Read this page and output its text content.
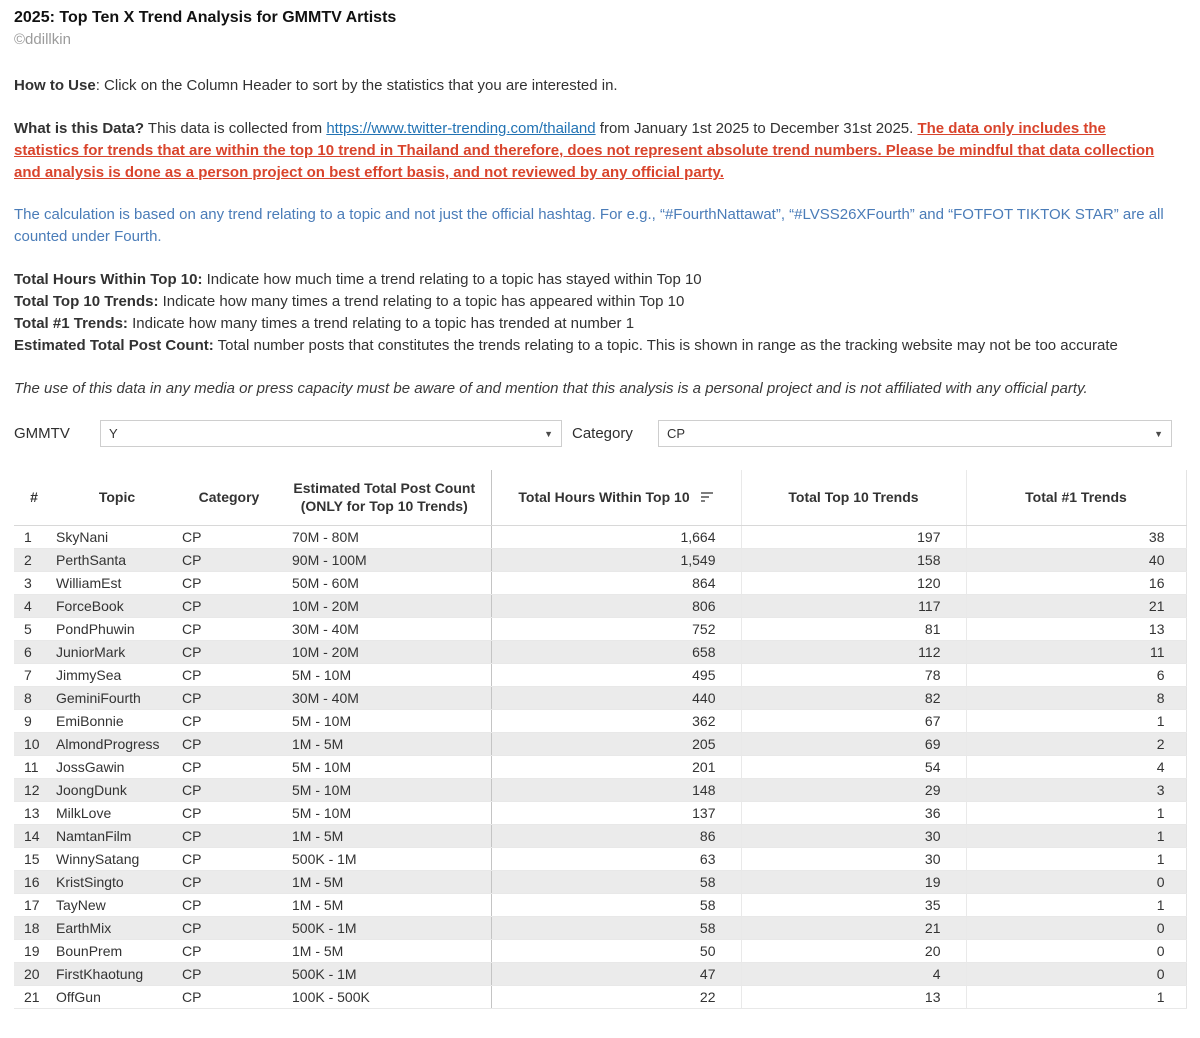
2025: Top Ten X Trend Analysis for GMMTV Artists
©ddillkin
How to Use: Click on the Column Header to sort by the statistics that you are interested in.
What is this Data? This data is collected from https://www.twitter-trending.com/thailand from January 1st 2025 to December 31st 2025. The data only includes the statistics for trends that are within the top 10 trend in Thailand and therefore, does not represent absolute trend numbers. Please be mindful that data collection and analysis is done as a person project on best effort basis, and not reviewed by any official party.
The calculation is based on any trend relating to a topic and not just the official hashtag. For e.g., “#FourthNattawat”, “#LVSS26XFourth” and “FOTFOT TIKTOK STAR” are all counted under Fourth.
Total Hours Within Top 10: Indicate how much time a trend relating to a topic has stayed within Top 10
Total Top 10 Trends: Indicate how many times a trend relating to a topic has appeared within Top 10
Total #1 Trends: Indicate how many times a trend relating to a topic has trended at number 1
Estimated Total Post Count: Total number posts that constitutes the trends relating to a topic. This is shown in range as the tracking website may not be too accurate
The use of this data in any media or press capacity must be aware of and mention that this analysis is a personal project and is not affiliated with any official party.
GMMTV	Y	▼	Category	CP	▼
#	Topic	Category	Estimated Total Post Count
(ONLY for Top 10 Trends)	Total Hours Within Top 10	Total Top 10 Trends	Total #1 Trends
1	SkyNani	CP	70M - 80M	1,664	197	38
2	PerthSanta	CP	90M - 100M	1,549	158	40
3	WilliamEst	CP	50M - 60M	864	120	16
4	ForceBook	CP	10M - 20M	806	117	21
5	PondPhuwin	CP	30M - 40M	752	81	13
6	JuniorMark	CP	10M - 20M	658	112	11
7	JimmySea	CP	5M - 10M	495	78	6
8	GeminiFourth	CP	30M - 40M	440	82	8
9	EmiBonnie	CP	5M - 10M	362	67	1
10	AlmondProgress	CP	1M - 5M	205	69	2
11	JossGawin	CP	5M - 10M	201	54	4
12	JoongDunk	CP	5M - 10M	148	29	3
13	MilkLove	CP	5M - 10M	137	36	1
14	NamtanFilm	CP	1M - 5M	86	30	1
15	WinnySatang	CP	500K - 1M	63	30	1
16	KristSingto	CP	1M - 5M	58	19	0
17	TayNew	CP	1M - 5M	58	35	1
18	EarthMix	CP	500K - 1M	58	21	0
19	BounPrem	CP	1M - 5M	50	20	0
20	FirstKhaotung	CP	500K - 1M	47	4	0
21	OffGun	CP	100K - 500K	22	13	1
